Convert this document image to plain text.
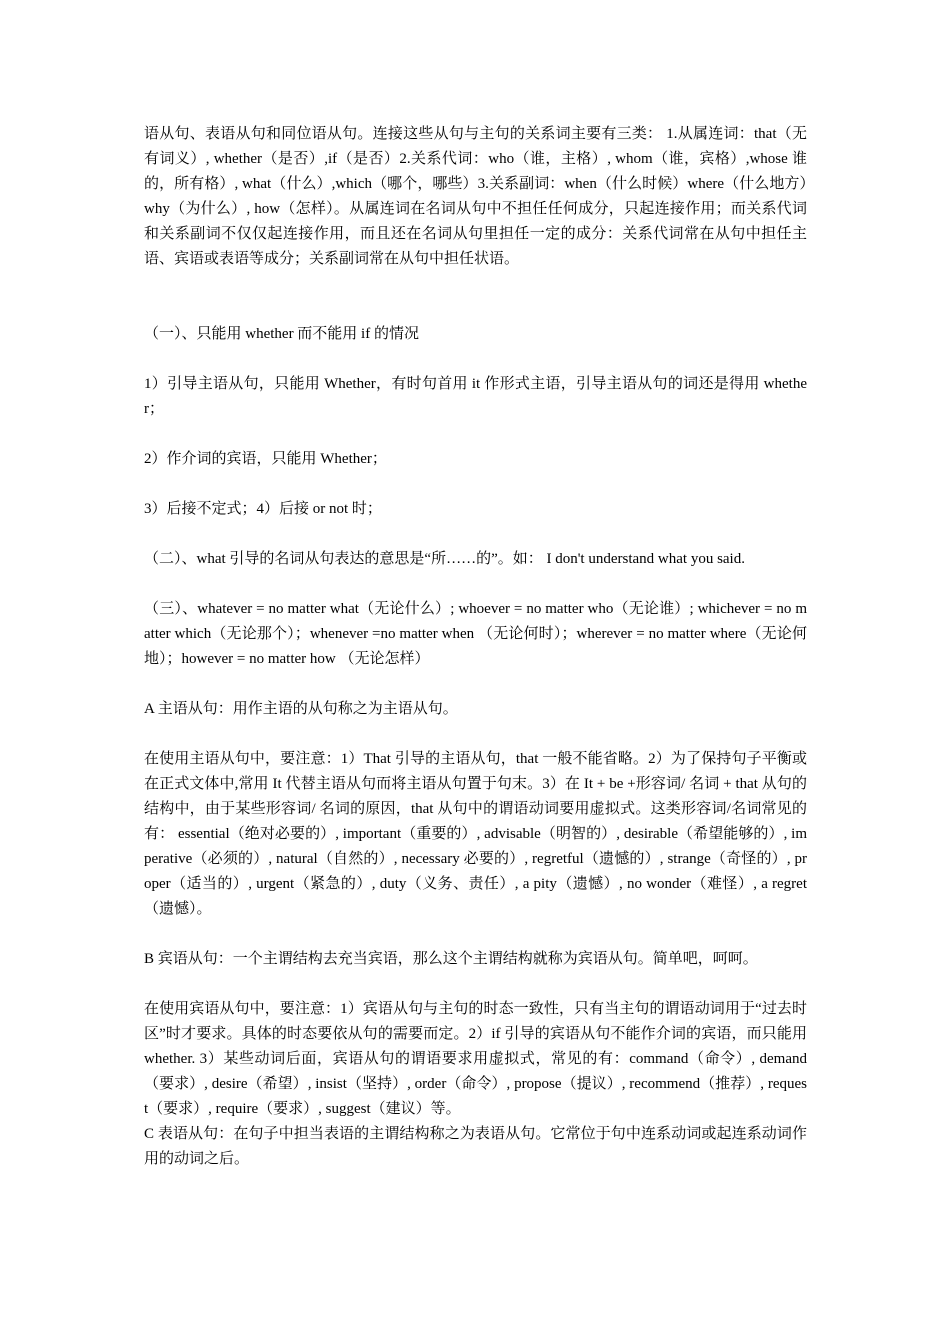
语从句、表语从句和同位语从句。连接这些从句与主句的关系词主要有三类： 1.从属连词：that（无有词义）, whether（是否）,if（是否）2.关系代词：who（谁，主格）, whom（谁，宾格）,whose 谁的，所有格）, what（什么）,which（哪个，哪些）3.关系副词：when（什么时候）where（什么地方）why（为什么）, how（怎样）。从属连词在名词从句中不担任任何成分，只起连接作用；而关系代词和关系副词不仅仅起连接作用，而且还在名词从句里担任一定的成分：关系代词常在从句中担任主语、宾语或表语等成分；关系副词常在从句中担任状语。

（一）、只能用 whether 而不能用 if 的情况

1）引导主语从句，只能用 Whether，有时句首用 it 作形式主语，引导主语从句的词还是得用 whether；

2）作介词的宾语，只能用 Whether；

3）后接不定式；4）后接 or not 时；

（二）、what 引导的名词从句表达的意思是“所……的”。如： I don't understand what you said.

（三）、whatever = no matter what（无论什么）; whoever = no matter who（无论谁）; whichever = no matter which（无论那个）；whenever =no matter when （无论何时）；wherever = no matter where（无论何地）；however = no matter how （无论怎样）

A 主语从句：用作主语的从句称之为主语从句。

在使用主语从句中，要注意：1）That 引导的主语从句，that 一般不能省略。2）为了保持句子平衡或在正式文体中,常用 It 代替主语从句而将主语从句置于句末。3）在 It + be +形容词/ 名词 + that 从句的结构中，由于某些形容词/ 名词的原因，that 从句中的谓语动词要用虚拟式。这类形容词/名词常见的有： essential（绝对必要的）, important（重要的）, advisable（明智的）, desirable（希望能够的）, imperative（必须的）, natural（自然的）, necessary 必要的）, regretful（遗憾的）, strange（奇怪的）, proper（适当的）, urgent（紧急的）, duty（义务、责任）, a pity（遗憾）, no wonder（难怪）, a regret（遗憾）。

B 宾语从句：一个主谓结构去充当宾语，那么这个主谓结构就称为宾语从句。简单吧，呵呵。

在使用宾语从句中，要注意：1）宾语从句与主句的时态一致性，只有当主句的谓语动词用于“过去时区”时才要求。具体的时态要依从句的需要而定。2）if 引导的宾语从句不能作介词的宾语，而只能用 whether. 3）某些动词后面，宾语从句的谓语要求用虚拟式，常见的有：command（命令）, demand（要求）, desire（希望）, insist（坚持）, order（命令）, propose（提议）, recommend（推荐）, request（要求）, require（要求）, suggest（建议）等。

C 表语从句：在句子中担当表语的主谓结构称之为表语从句。它常位于句中连系动词或起连系动词作用的动词之后。
